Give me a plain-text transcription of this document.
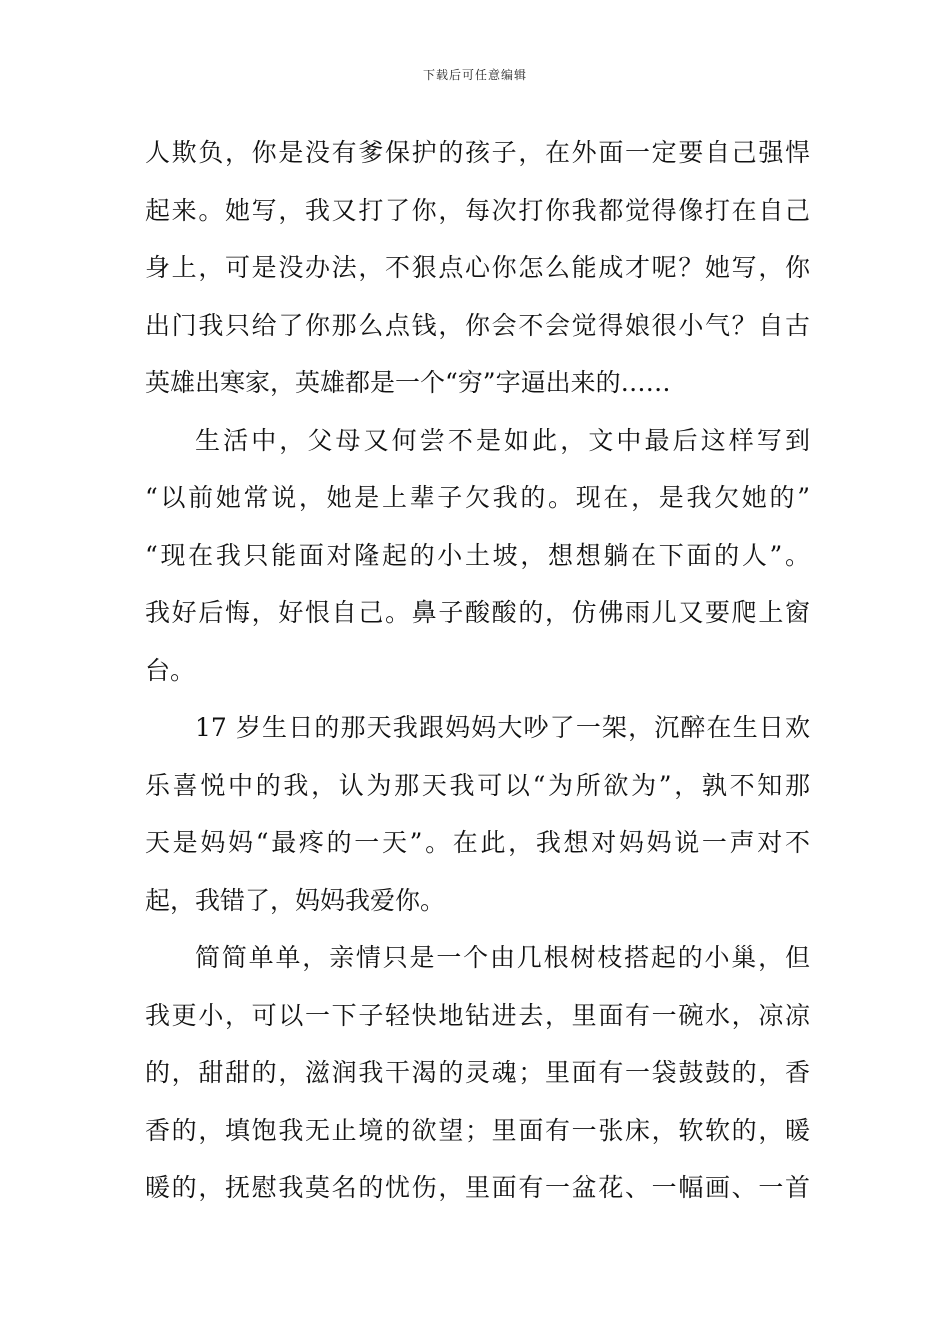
下载后可任意编辑
人欺负，你是没有爹保护的孩子，在外面一定要自己强悍
起来。她写，我又打了你，每次打你我都觉得像打在自己
身上，可是没办法，不狠点心你怎么能成才呢？她写，你
出门我只给了你那么点钱，你会不会觉得娘很小气？自古
英雄出寒家，英雄都是一个“穷”字逼出来的……
生活中，父母又何尝不是如此，文中最后这样写到
“以前她常说，她是上辈子欠我的。现在，是我欠她的”
“现在我只能面对隆起的小土坡，想想躺在下面的人”。
我好后悔，好恨自己。鼻子酸酸的，仿佛雨儿又要爬上窗
台。
17 岁生日的那天我跟妈妈大吵了一架，沉醉在生日欢
乐喜悦中的我，认为那天我可以“为所欲为”，孰不知那
天是妈妈“最疼的一天”。在此，我想对妈妈说一声对不
起，我错了，妈妈我爱你。
简简单单，亲情只是一个由几根树枝搭起的小巢，但
我更小，可以一下子轻快地钻进去，里面有一碗水，凉凉
的，甜甜的，滋润我干渴的灵魂；里面有一袋鼓鼓的，香
香的，填饱我无止境的欲望；里面有一张床，软软的，暖
暖的，抚慰我莫名的忧伤，里面有一盆花、一幅画、一首
